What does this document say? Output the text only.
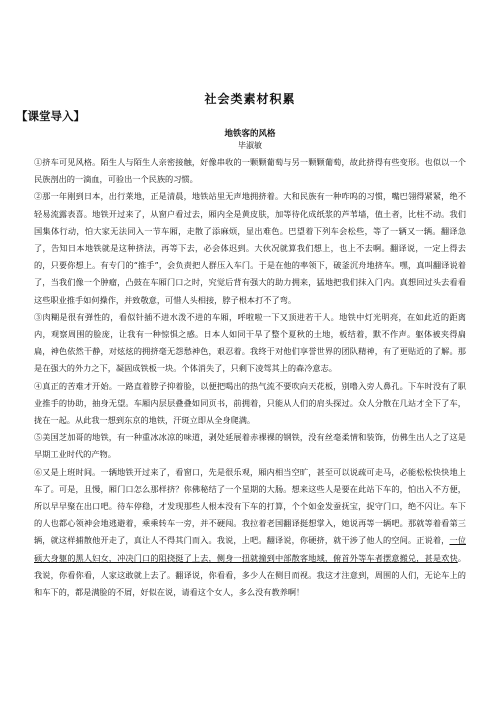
社会类素材积累
【课堂导入】
地铁客的风格
毕淑敏

①挤车可见风格。陌生人与陌生人亲密接触，好像串收的一颗颗葡萄与另一颗颗葡萄，故此挤得有些变形。也似以一个民族剖出的一滴血，可验出一个民族的习惯。

②那一年刚到日本，出行莱地，正是清晨，地铁站里无声地拥挤着。大和民族有一种咋呜的习惯，嘴巴翎得紧紧，绝不轻易流露表喜。地铁开过来了，从窗户看过去，厢内全是黄皮肤，加等待化成纸浆的芦苇墙，值土者，比柱不动。我们国集体行动，怕大家无法同入一节车厢，走散了添麻烦，显出难色。巴望着下列车会松些，等了一辆又一辆。翻译急了，告知日本地铁就是这种挤法，再等下去，必会体迟到。大伙况就算我们想上，也上不去啊。翻译说，一定上得去的，只要你想上。有专门的“推手”，会负责把人群压入车门。于是在他的率领下，破釜沉舟地挤车。嘿，真叫翻译说着了，当我们像一个肿瘤，凸鼓在车厢门口之时，究觉后背有强大的助力拥来，猛地把我们抹入门内。真想回过头去看看这些职业推手如何操作，并致敬意，可惜人头相接，脖子根本打不了弯。

③肉糊是很有弹性的，看似针插不进水泼不进的车厢，呼啦啦一下又顶进若干人。地铁中灯光明亮，在如此近的距离内，观察周围的脸庞，让我有一种惊惧之感。日本人如同干旱了整个夏秋的土地，板结着，默不作声。躯体被夹得扁扁，神色依然干静，对炫炫的拥挤毫无怨愁神色，艰忍着。我终于对他们享誉世界的团队精神，有了更贴近的了解。那是在强大的外力之下，凝固成铁板一块。个体消失了，只剩下凌驾其上的森冷意志。

④真正的苦难才开始。一路直着脖子抑着脸，以便把喝出的热气流不要吹向天花板，别噜入旁人鼻孔。下车时没有了职业推手的协助，抽身无望。车厢内层层叠叠如同页书，前拥着，只能从人们的肩头探过。众人分散在几站才全下了车，拢在一起。从此我一想到东京的地铁，汗斑立即从全身爬满。

⑤美国芝加哥的地铁，有一种重冰冰凉的味道，剥处延展着赤裸裸的钢铁，没有丝毫柔情和装饰，仿佛生出人之了这是早期工业时代的产物。

⑥又是上班时间。一辆地铁开过来了，看窗口，先是很乐观，厢内相当空旷，甚至可以说疏可走马，必能松松快快地上车了。可是，且慢，厢门口怎么那样挤？你佛秘结了一个星期的大肠。想来这些人是要在此站下车的，怕出入不方便，所以早早聚在出口吧。待车停稳，才发现那些人根本没有下车的打算，个个如金发蚕抚宝，捉守门口，绝不闪让。车下的人也都心领神会地逃避着，乘乘转车一旁，并不硬闯。我拉着老国翻译挺想掌入，她说再等一辆吧。那就等着看第三辆，就这样捕散他开走了，真让人不得其门而入。我说，上吧。翻译说，你硬挤，就干涉了他人的空间。正说着，一位硕大身躯的黑人妇女，冲决门口的阻挠挺了上去，侧身一扭就撞到中部散客地域，俯首外等车者摆意搬兑，甚是欢快。我说，你看你看，人家这敢就上去了。翻译说，你看看，多少人在侧目而视。我这才注意到，周围的人们，无论车上的和车下的，都是满脸的不屑，好似在说，请看这个女人，多么没有教养啊！
